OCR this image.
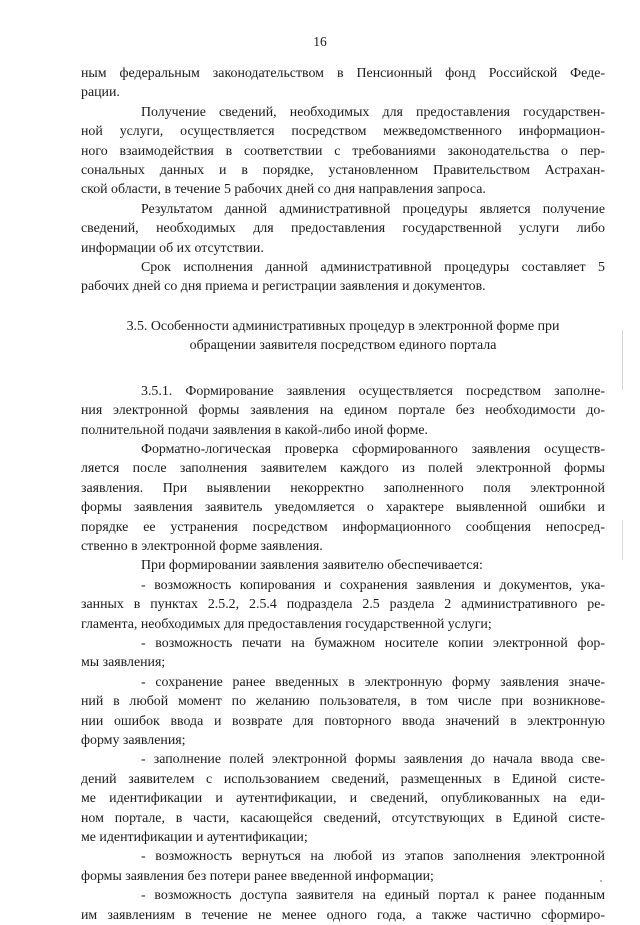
16
ным федеральным законодательством в Пенсионный фонд Российской Феде-
рации.
Получение сведений, необходимых для предоставления государствен-
ной услуги, осуществляется посредством межведомственного информацион-
ного взаимодействия в соответствии с требованиями законодательства о пер-
сональных данных и в порядке, установленном Правительством Астрахан-
ской области, в течение 5 рабочих дней со дня направления запроса.
Результатом данной административной процедуры является получение
сведений, необходимых для предоставления государственной услуги либо
информации об их отсутствии.
Срок исполнения данной административной процедуры составляет 5
рабочих дней со дня приема и регистрации заявления и документов.
3.5. Особенности административных процедур в электронной форме при
обращении заявителя посредством единого портала
3.5.1. Формирование заявления осуществляется посредством заполне-
ния электронной формы заявления на едином портале без необходимости до-
полнительной подачи заявления в какой-либо иной форме.
Форматно-логическая проверка сформированного заявления осуществ-
ляется после заполнения заявителем каждого из полей электронной формы
заявления. При выявлении некорректно заполненного поля электронной
формы заявления заявитель уведомляется о характере выявленной ошибки и
порядке ее устранения посредством информационного сообщения непосред-
ственно в электронной форме заявления.
При формировании заявления заявителю обеспечивается:
- возможность копирования и сохранения заявления и документов, ука-
занных в пунктах 2.5.2, 2.5.4 подраздела 2.5 раздела 2 административного ре-
гламента, необходимых для предоставления государственной услуги;
- возможность печати на бумажном носителе копии электронной фор-
мы заявления;
- сохранение ранее введенных в электронную форму заявления значе-
ний в любой момент по желанию пользователя, в том числе при возникнове-
нии ошибок ввода и возврате для повторного ввода значений в электронную
форму заявления;
- заполнение полей электронной формы заявления до начала ввода све-
дений заявителем с использованием сведений, размещенных в Единой систе-
ме идентификации и аутентификации, и сведений, опубликованных на еди-
ном портале, в части, касающейся сведений, отсутствующих в Единой систе-
ме идентификации и аутентификации;
- возможность вернуться на любой из этапов заполнения электронной
формы заявления без потери ранее введенной информации;
- возможность доступа заявителя на единый портал к ранее поданным
им заявлениям в течение не менее одного года, а также частично сформиро-
